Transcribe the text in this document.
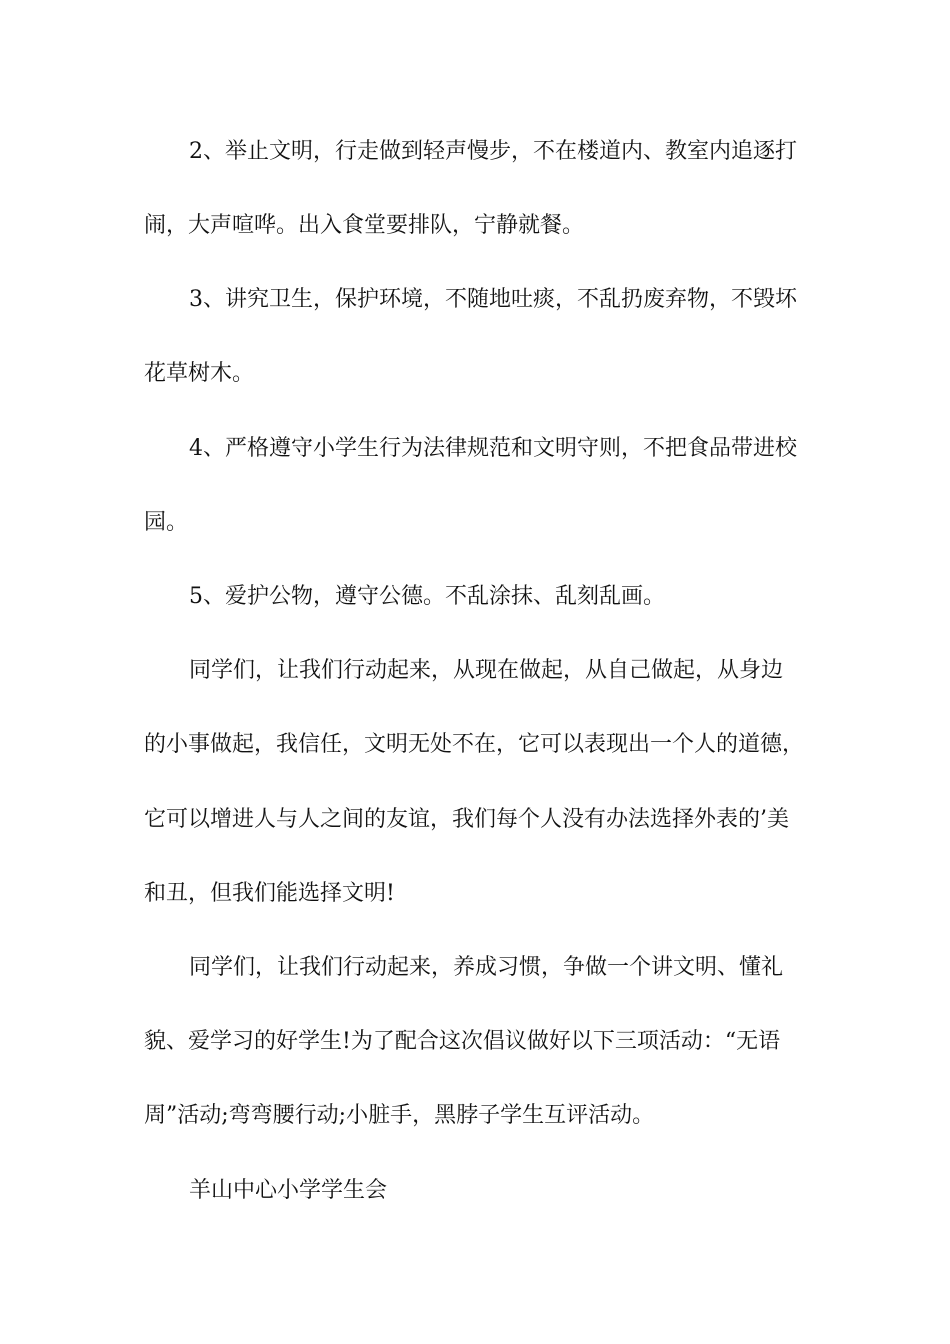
2、举止文明，行走做到轻声慢步，不在楼道内、教室内追逐打
闹，大声喧哗。出入食堂要排队，宁静就餐。
3、讲究卫生，保护环境，不随地吐痰，不乱扔废弃物，不毁坏
花草树木。
4、严格遵守小学生行为法律规范和文明守则，不把食品带进校
园。
5、爱护公物，遵守公德。不乱涂抹、乱刻乱画。
同学们，让我们行动起来，从现在做起，从自己做起，从身边
的小事做起，我信任，文明无处不在，它可以表现出一个人的道德，
它可以增进人与人之间的友谊，我们每个人没有办法选择外表的’美
和丑，但我们能选择文明!
同学们，让我们行动起来，养成习惯，争做一个讲文明、懂礼
貌、爱学习的好学生!为了配合这次倡议做好以下三项活动：“无语
周”活动;弯弯腰行动;小脏手，黑脖子学生互评活动。
羊山中心小学学生会
